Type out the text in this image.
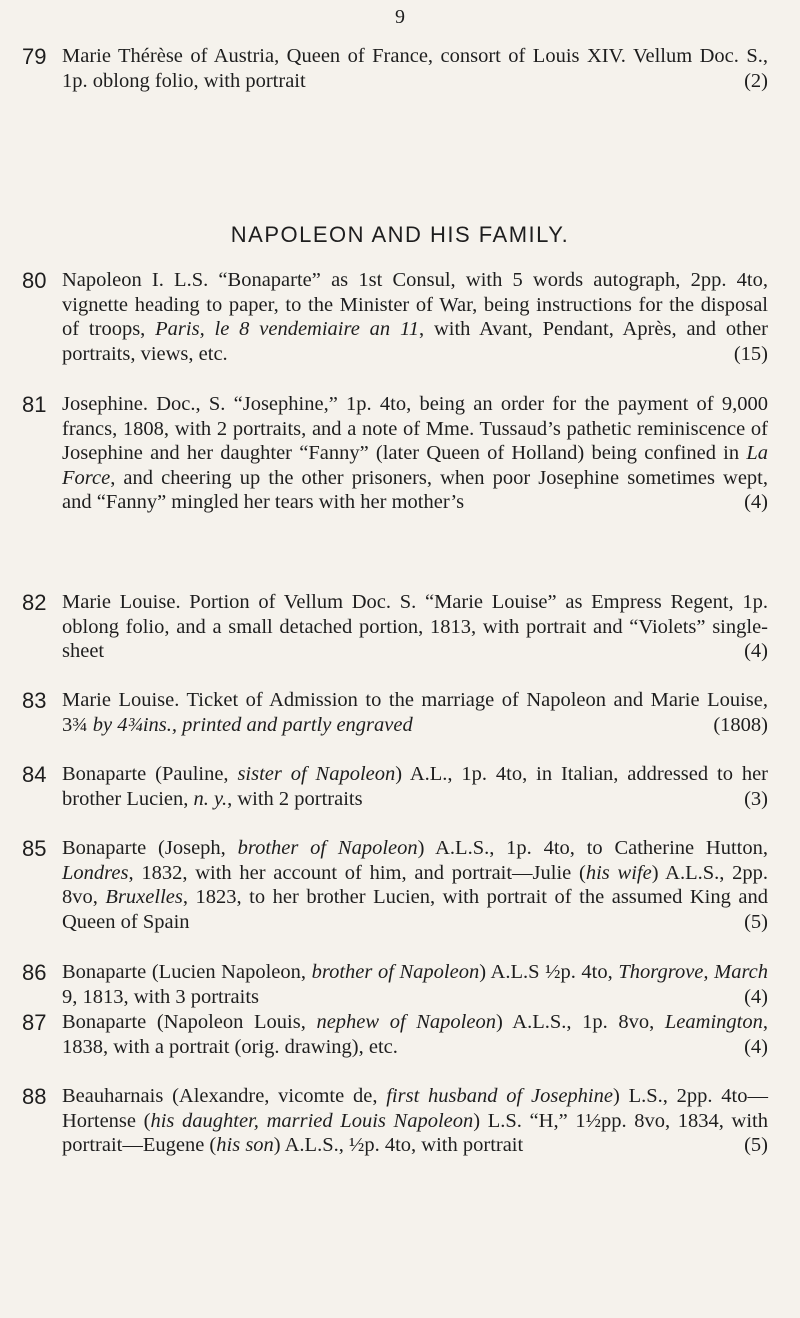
9
79 Marie Thérèse of Austria, Queen of France, consort of Louis XIV. Vellum Doc. S., 1p. oblong folio, with portrait	(2)
NAPOLEON AND HIS FAMILY.
80 Napoleon I. L.S. “Bonaparte” as 1st Consul, with 5 words autograph, 2pp. 4to, vignette heading to paper, to the Minister of War, being instructions for the disposal of troops, Paris, le 8 vendemiaire an 11, with Avant, Pendant, Après, and other portraits, views, etc.	(15)
81 Josephine. Doc., S. “Josephine,” 1p. 4to, being an order for the payment of 9,000 francs, 1808, with 2 portraits, and a note of Mme. Tussaud’s pathetic reminiscence of Josephine and her daughter “Fanny” (later Queen of Holland) being confined in La Force, and cheering up the other prisoners, when poor Josephine sometimes wept, and “Fanny” mingled her tears with her mother’s	(4)
82 Marie Louise. Portion of Vellum Doc. S. “Marie Louise” as Empress Regent, 1p. oblong folio, and a small detached portion, 1813, with portrait and “Violets” single-sheet	(4)
83 Marie Louise. Ticket of Admission to the marriage of Napoleon and Marie Louise, 3¾ by 4¾ins., printed and partly engraved	(1808)
84 Bonaparte (Pauline, sister of Napoleon) A.L., 1p. 4to, in Italian, addressed to her brother Lucien, n. y., with 2 portraits	(3)
85 Bonaparte (Joseph, brother of Napoleon) A.L.S., 1p. 4to, to Catherine Hutton, Londres, 1832, with her account of him, and portrait—Julie (his wife) A.L.S., 2pp. 8vo, Bruxelles, 1823, to her brother Lucien, with portrait of the assumed King and Queen of Spain	(5)
86 Bonaparte (Lucien Napoleon, brother of Napoleon) A.L.S ½p. 4to, Thorgrove, March 9, 1813, with 3 portraits	(4)
87 Bonaparte (Napoleon Louis, nephew of Napoleon) A.L.S., 1p. 8vo, Leamington, 1838, with a portrait (orig. drawing), etc.	(4)
88 Beauharnais (Alexandre, vicomte de, first husband of Josephine) L.S., 2pp. 4to—Hortense (his daughter, married Louis Napoleon) L.S. “H,” 1½pp. 8vo, 1834, with portrait—Eugene (his son) A.L.S., ½p. 4to, with portrait	(5)
